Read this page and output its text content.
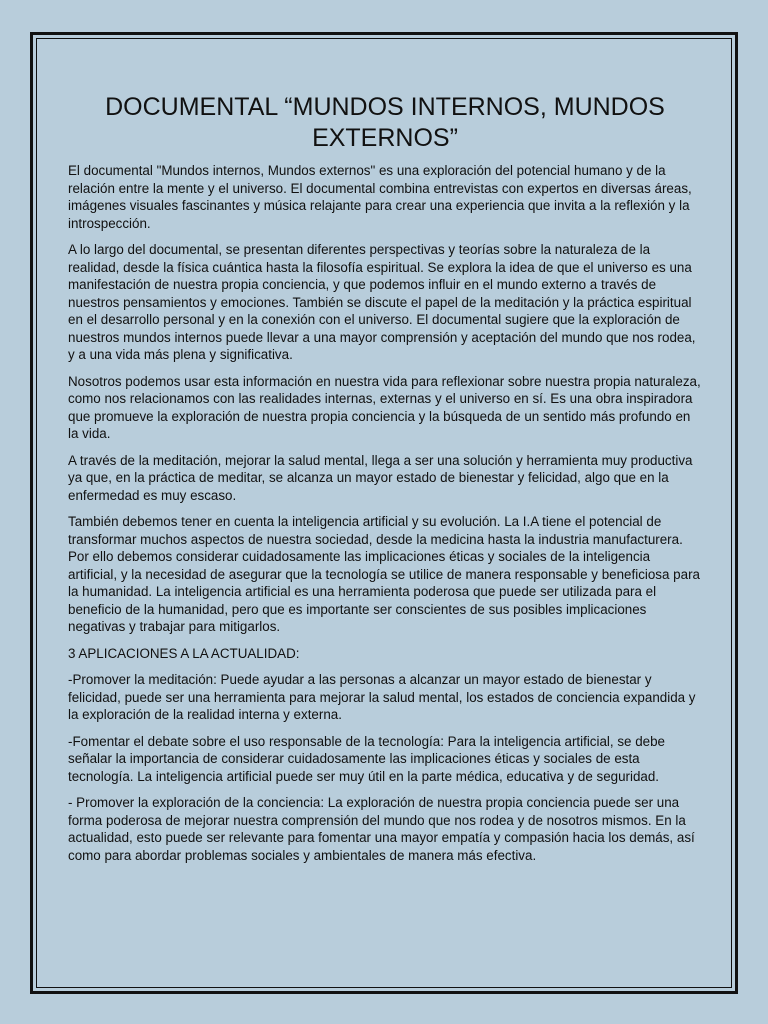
DOCUMENTAL “MUNDOS INTERNOS, MUNDOS EXTERNOS”

El documental "Mundos internos, Mundos externos" es una exploración del potencial humano y de la relación entre la mente y el universo. El documental combina entrevistas con expertos en diversas áreas, imágenes visuales fascinantes y música relajante para crear una experiencia que invita a la reflexión y la introspección.

A lo largo del documental, se presentan diferentes perspectivas y teorías sobre la naturaleza de la realidad, desde la física cuántica hasta la filosofía espiritual. Se explora la idea de que el universo es una manifestación de nuestra propia conciencia, y que podemos influir en el mundo externo a través de nuestros pensamientos y emociones. También se discute el papel de la meditación y la práctica espiritual en el desarrollo personal y en la conexión con el universo. El documental sugiere que la exploración de nuestros mundos internos puede llevar a una mayor comprensión y aceptación del mundo que nos rodea, y a una vida más plena y significativa.

Nosotros podemos usar esta información en nuestra vida para reflexionar sobre nuestra propia naturaleza, como nos relacionamos con las realidades internas, externas y el universo en sí. Es una obra inspiradora que promueve la exploración de nuestra propia conciencia y la búsqueda de un sentido más profundo en la vida.

A través de la meditación, mejorar la salud mental, llega a ser una solución y herramienta muy productiva ya que, en la práctica de meditar, se alcanza un mayor estado de bienestar y felicidad, algo que en la enfermedad es muy escaso.

También debemos tener en cuenta la inteligencia artificial y su evolución. La I.A tiene el potencial de transformar muchos aspectos de nuestra sociedad, desde la medicina hasta la industria manufacturera. Por ello debemos considerar cuidadosamente las implicaciones éticas y sociales de la inteligencia artificial, y la necesidad de asegurar que la tecnología se utilice de manera responsable y beneficiosa para la humanidad. La inteligencia artificial es una herramienta poderosa que puede ser utilizada para el beneficio de la humanidad, pero que es importante ser conscientes de sus posibles implicaciones negativas y trabajar para mitigarlos.

3 APLICACIONES A LA ACTUALIDAD:

-Promover la meditación: Puede ayudar a las personas a alcanzar un mayor estado de bienestar y felicidad, puede ser una herramienta para mejorar la salud mental, los estados de conciencia expandida y la exploración de la realidad interna y externa.

-Fomentar el debate sobre el uso responsable de la tecnología: Para la inteligencia artificial, se debe señalar la importancia de considerar cuidadosamente las implicaciones éticas y sociales de esta tecnología. La inteligencia artificial puede ser muy útil en la parte médica, educativa y de seguridad.

- Promover la exploración de la conciencia: La exploración de nuestra propia conciencia puede ser una forma poderosa de mejorar nuestra comprensión del mundo que nos rodea y de nosotros mismos. En la actualidad, esto puede ser relevante para fomentar una mayor empatía y compasión hacia los demás, así como para abordar problemas sociales y ambientales de manera más efectiva.
